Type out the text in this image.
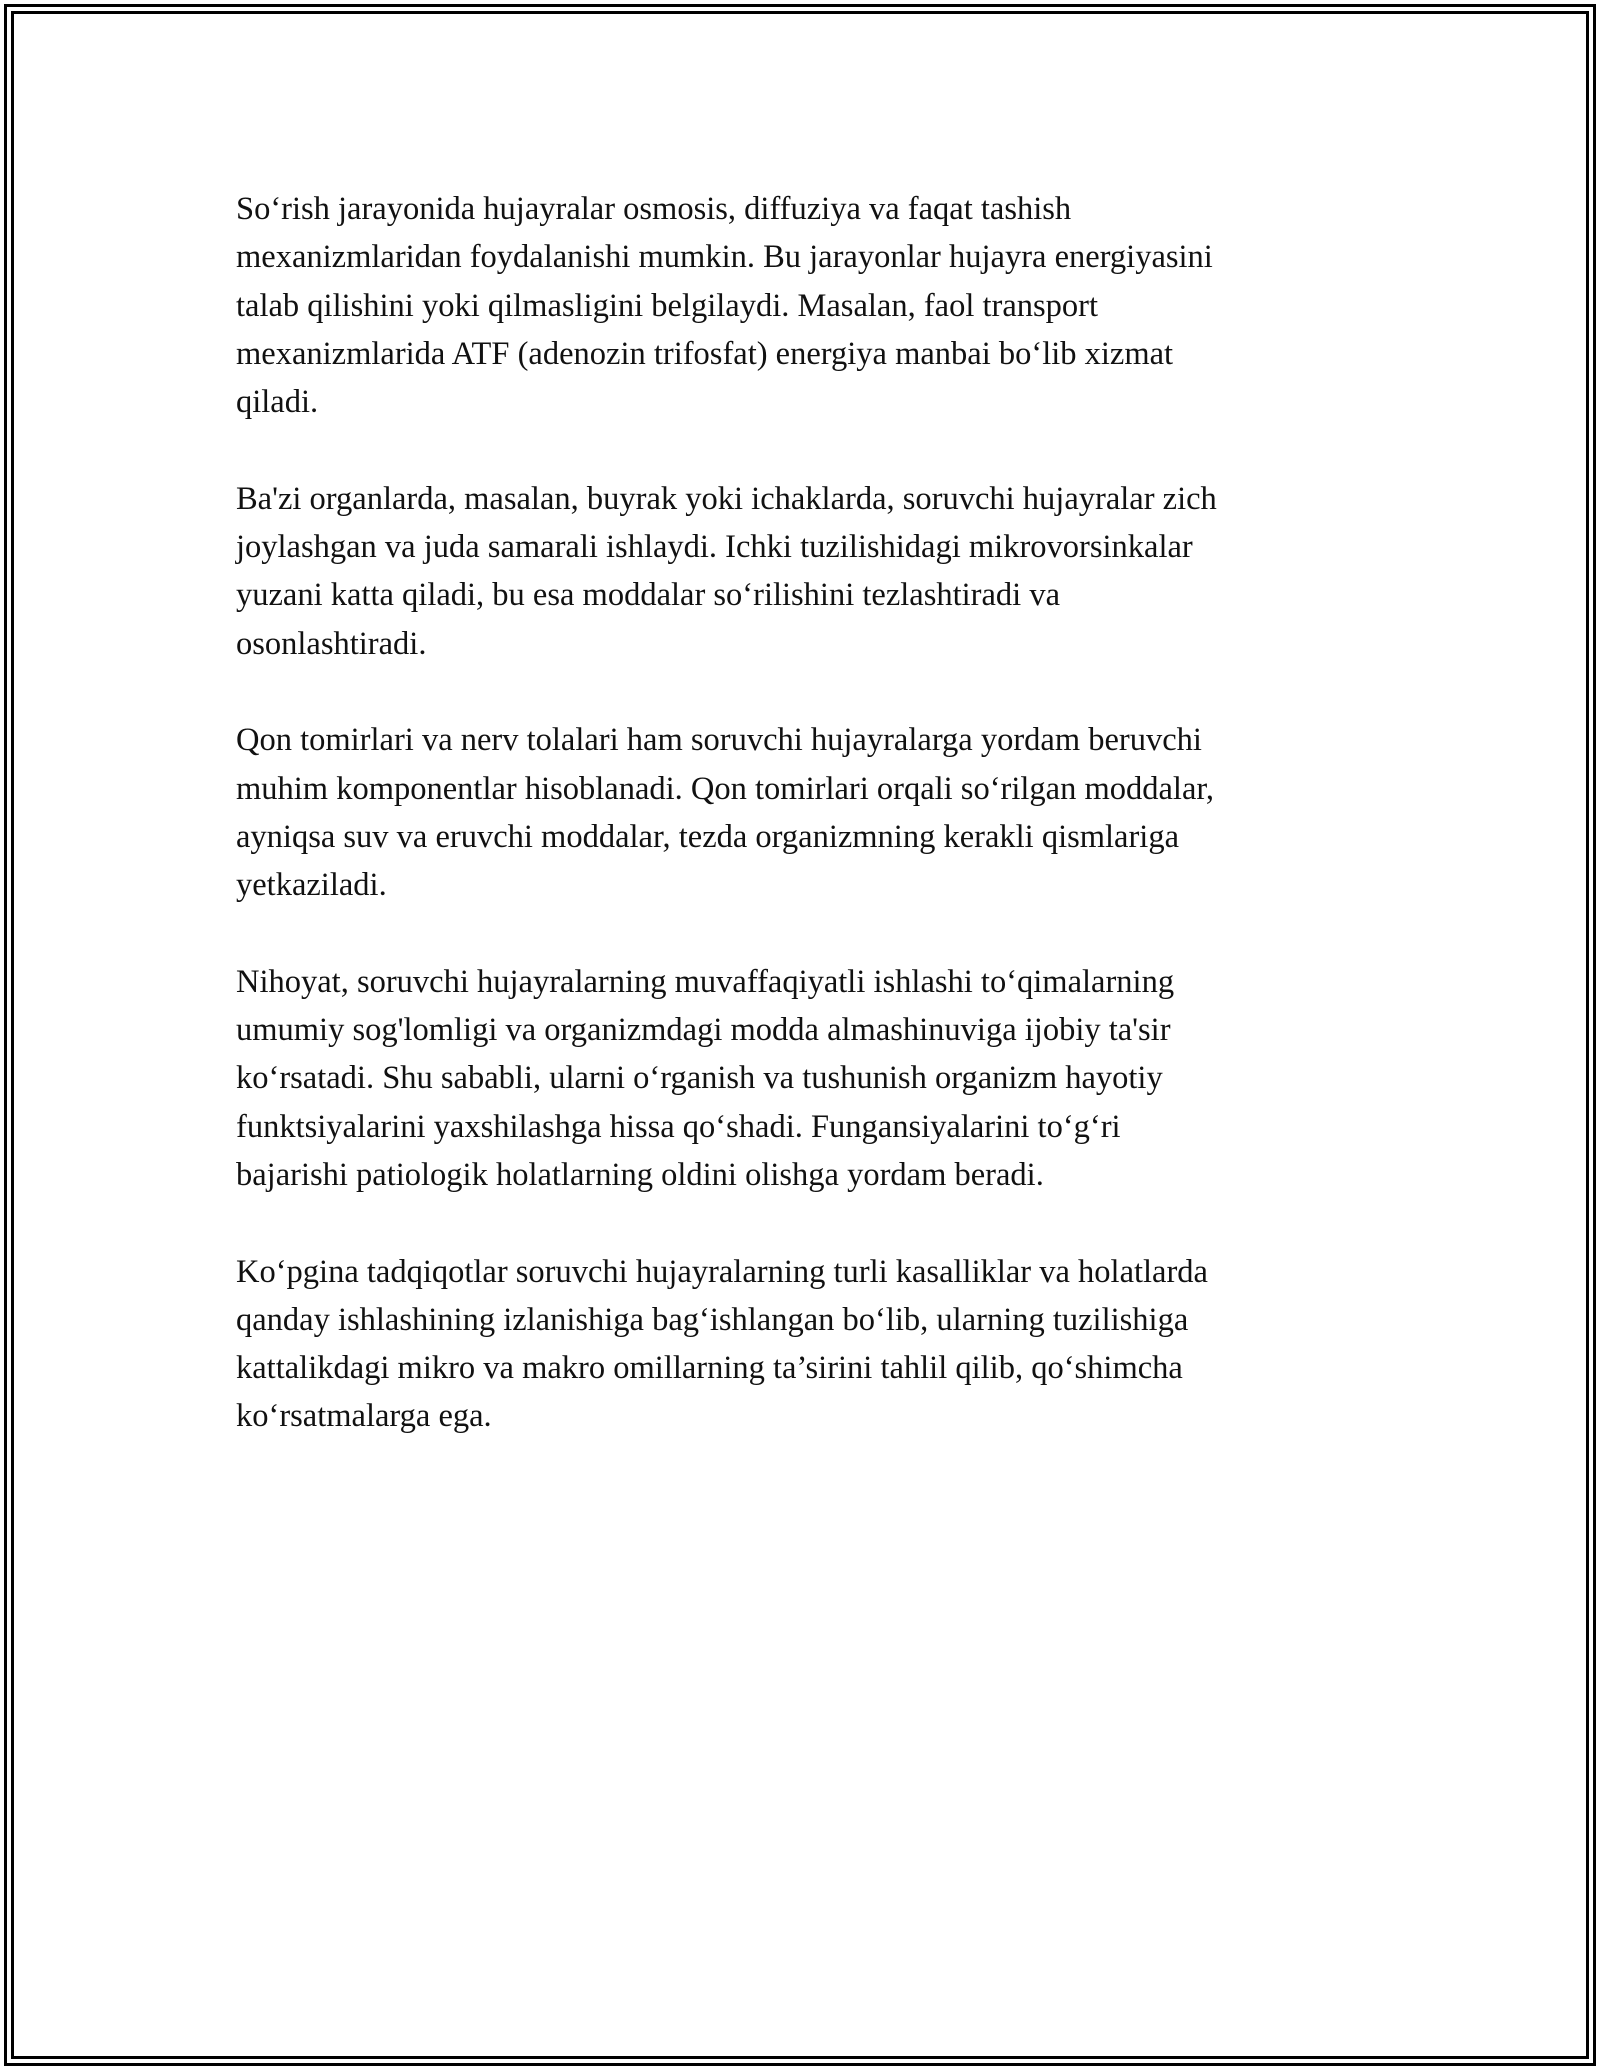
So‘rish jarayonida hujayralar osmosis, diffuziya va faqat tashish
mexanizmlaridan foydalanishi mumkin. Bu jarayonlar hujayra energiyasini
talab qilishini yoki qilmasligini belgilaydi. Masalan, faol transport
mexanizmlarida ATF (adenozin trifosfat) energiya manbai bo‘lib xizmat
qiladi.

Ba'zi organlarda, masalan, buyrak yoki ichaklarda, soruvchi hujayralar zich
joylashgan va juda samarali ishlaydi. Ichki tuzilishidagi mikrovorsinkalar
yuzani katta qiladi, bu esa moddalar so‘rilishini tezlashtiradi va
osonlashtiradi.

Qon tomirlari va nerv tolalari ham soruvchi hujayralarga yordam beruvchi
muhim komponentlar hisoblanadi. Qon tomirlari orqali so‘rilgan moddalar,
ayniqsa suv va eruvchi moddalar, tezda organizmning kerakli qismlariga
yetkaziladi.

Nihoyat, soruvchi hujayralarning muvaffaqiyatli ishlashi to‘qimalarning
umumiy sog'lomligi va organizmdagi modda almashinuviga ijobiy ta'sir
ko‘rsatadi. Shu sababli, ularni o‘rganish va tushunish organizm hayotiy
funktsiyalarini yaxshilashga hissa qo‘shadi. Fungansiyalarini to‘g‘ri
bajarishi patiologik holatlarning oldini olishga yordam beradi.

Ko‘pgina tadqiqotlar soruvchi hujayralarning turli kasalliklar va holatlarda
qanday ishlashining izlanishiga bag‘ishlangan bo‘lib, ularning tuzilishiga
kattalikdagi mikro va makro omillarning ta’sirini tahlil qilib, qo‘shimcha
ko‘rsatmalarga ega.
